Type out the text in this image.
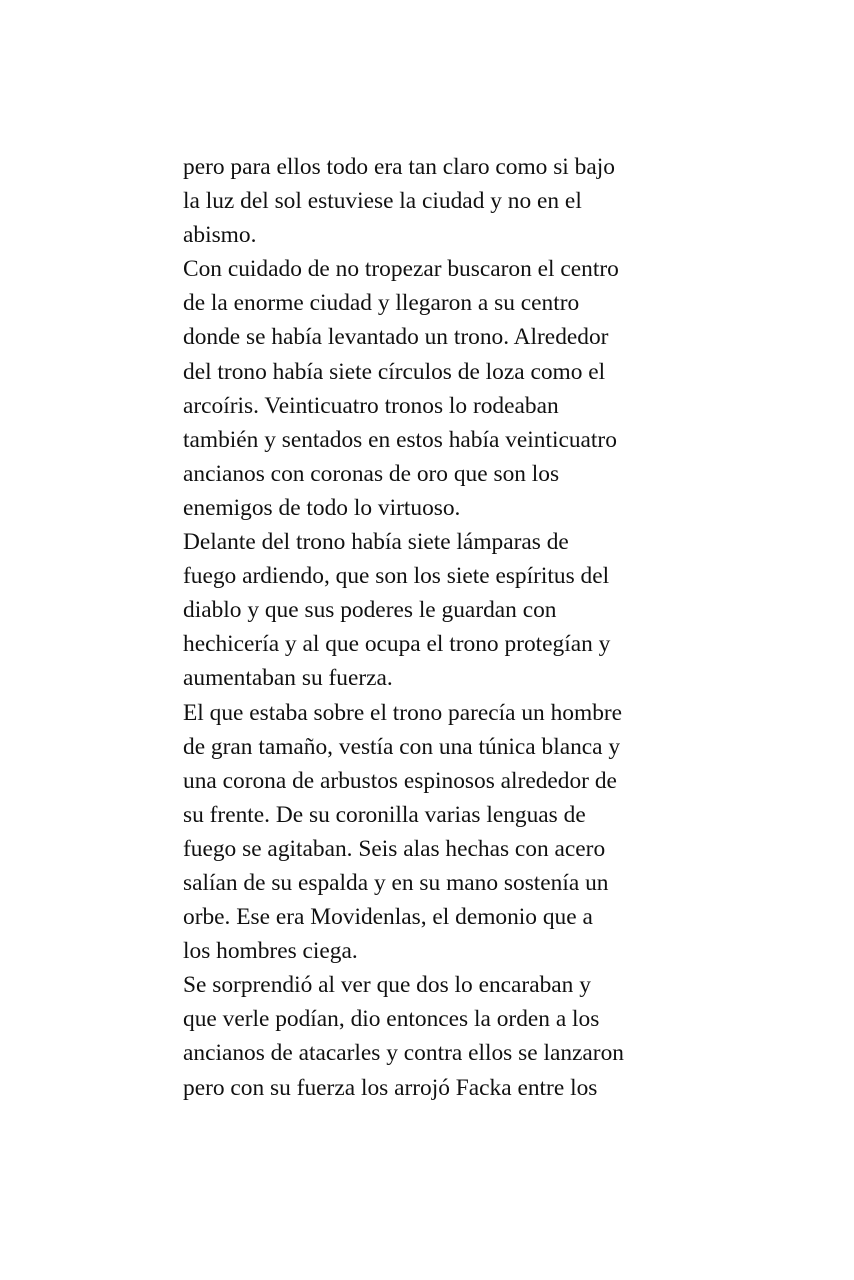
pero para ellos todo era tan claro como si bajo
la luz del sol estuviese la ciudad y no en el
abismo.
Con cuidado de no tropezar buscaron el centro
de la enorme ciudad y llegaron a su centro
donde se había levantado un trono. Alrededor
del trono había siete círculos de loza como el
arcoíris. Veinticuatro tronos lo rodeaban
también y sentados en estos había veinticuatro
ancianos con coronas de oro que son los
enemigos de todo lo virtuoso.
Delante del trono había siete lámparas de
fuego ardiendo, que son los siete espíritus del
diablo y que sus poderes le guardan con
hechicería y al que ocupa el trono protegían y
aumentaban su fuerza.
El que estaba sobre el trono parecía un hombre
de gran tamaño, vestía con una túnica blanca y
una corona de arbustos espinosos alrededor de
su frente. De su coronilla varias lenguas de
fuego se agitaban. Seis alas hechas con acero
salían de su espalda y en su mano sostenía un
orbe. Ese era Movidenlas, el demonio que a
los hombres ciega.
Se sorprendió al ver que dos lo encaraban y
que verle podían, dio entonces la orden a los
ancianos de atacarles y contra ellos se lanzaron
pero con su fuerza los arrojó Facka entre los
